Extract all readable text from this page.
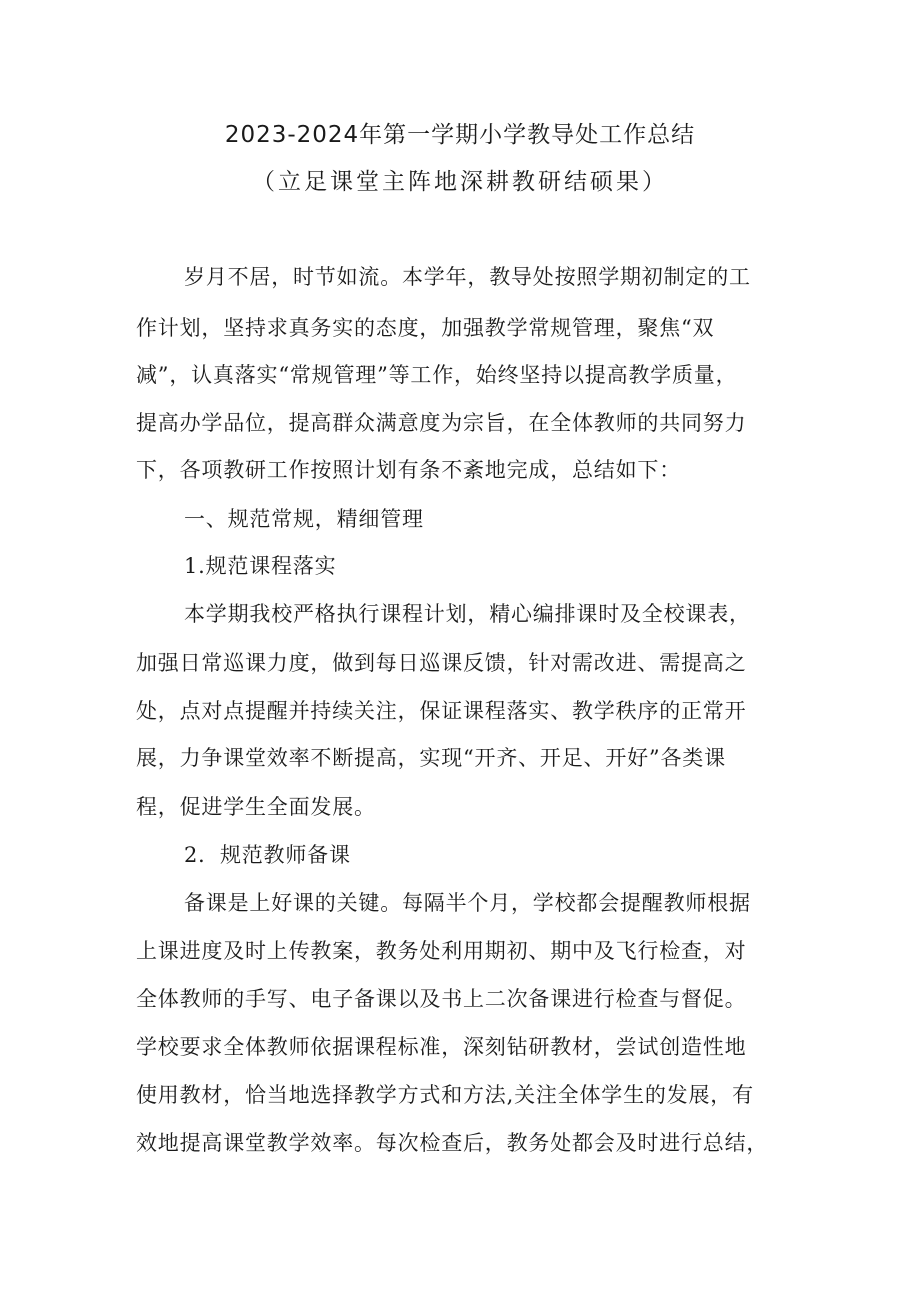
2023-2024年第一学期小学教导处工作总结
（立足课堂主阵地深耕教研结硕果）
岁月不居，时节如流。本学年，教导处按照学期初制定的工
作计划，坚持求真务实的态度，加强教学常规管理，聚焦“双
减”，认真落实“常规管理”等工作，始终坚持以提高教学质量，
提高办学品位，提高群众满意度为宗旨，在全体教师的共同努力
下，各项教研工作按照计划有条不紊地完成，总结如下：
一、规范常规，精细管理
1.规范课程落实
本学期我校严格执行课程计划，精心编排课时及全校课表，
加强日常巡课力度，做到每日巡课反馈，针对需改进、需提高之
处，点对点提醒并持续关注，保证课程落实、教学秩序的正常开
展，力争课堂效率不断提高，实现“开齐、开足、开好”各类课
程，促进学生全面发展。
2．规范教师备课
备课是上好课的关键。每隔半个月，学校都会提醒教师根据
上课进度及时上传教案，教务处利用期初、期中及飞行检查，对
全体教师的手写、电子备课以及书上二次备课进行检查与督促。
学校要求全体教师依据课程标准，深刻钻研教材，尝试创造性地
使用教材，恰当地选择教学方式和方法,关注全体学生的发展，有
效地提高课堂教学效率。每次检查后，教务处都会及时进行总结，
